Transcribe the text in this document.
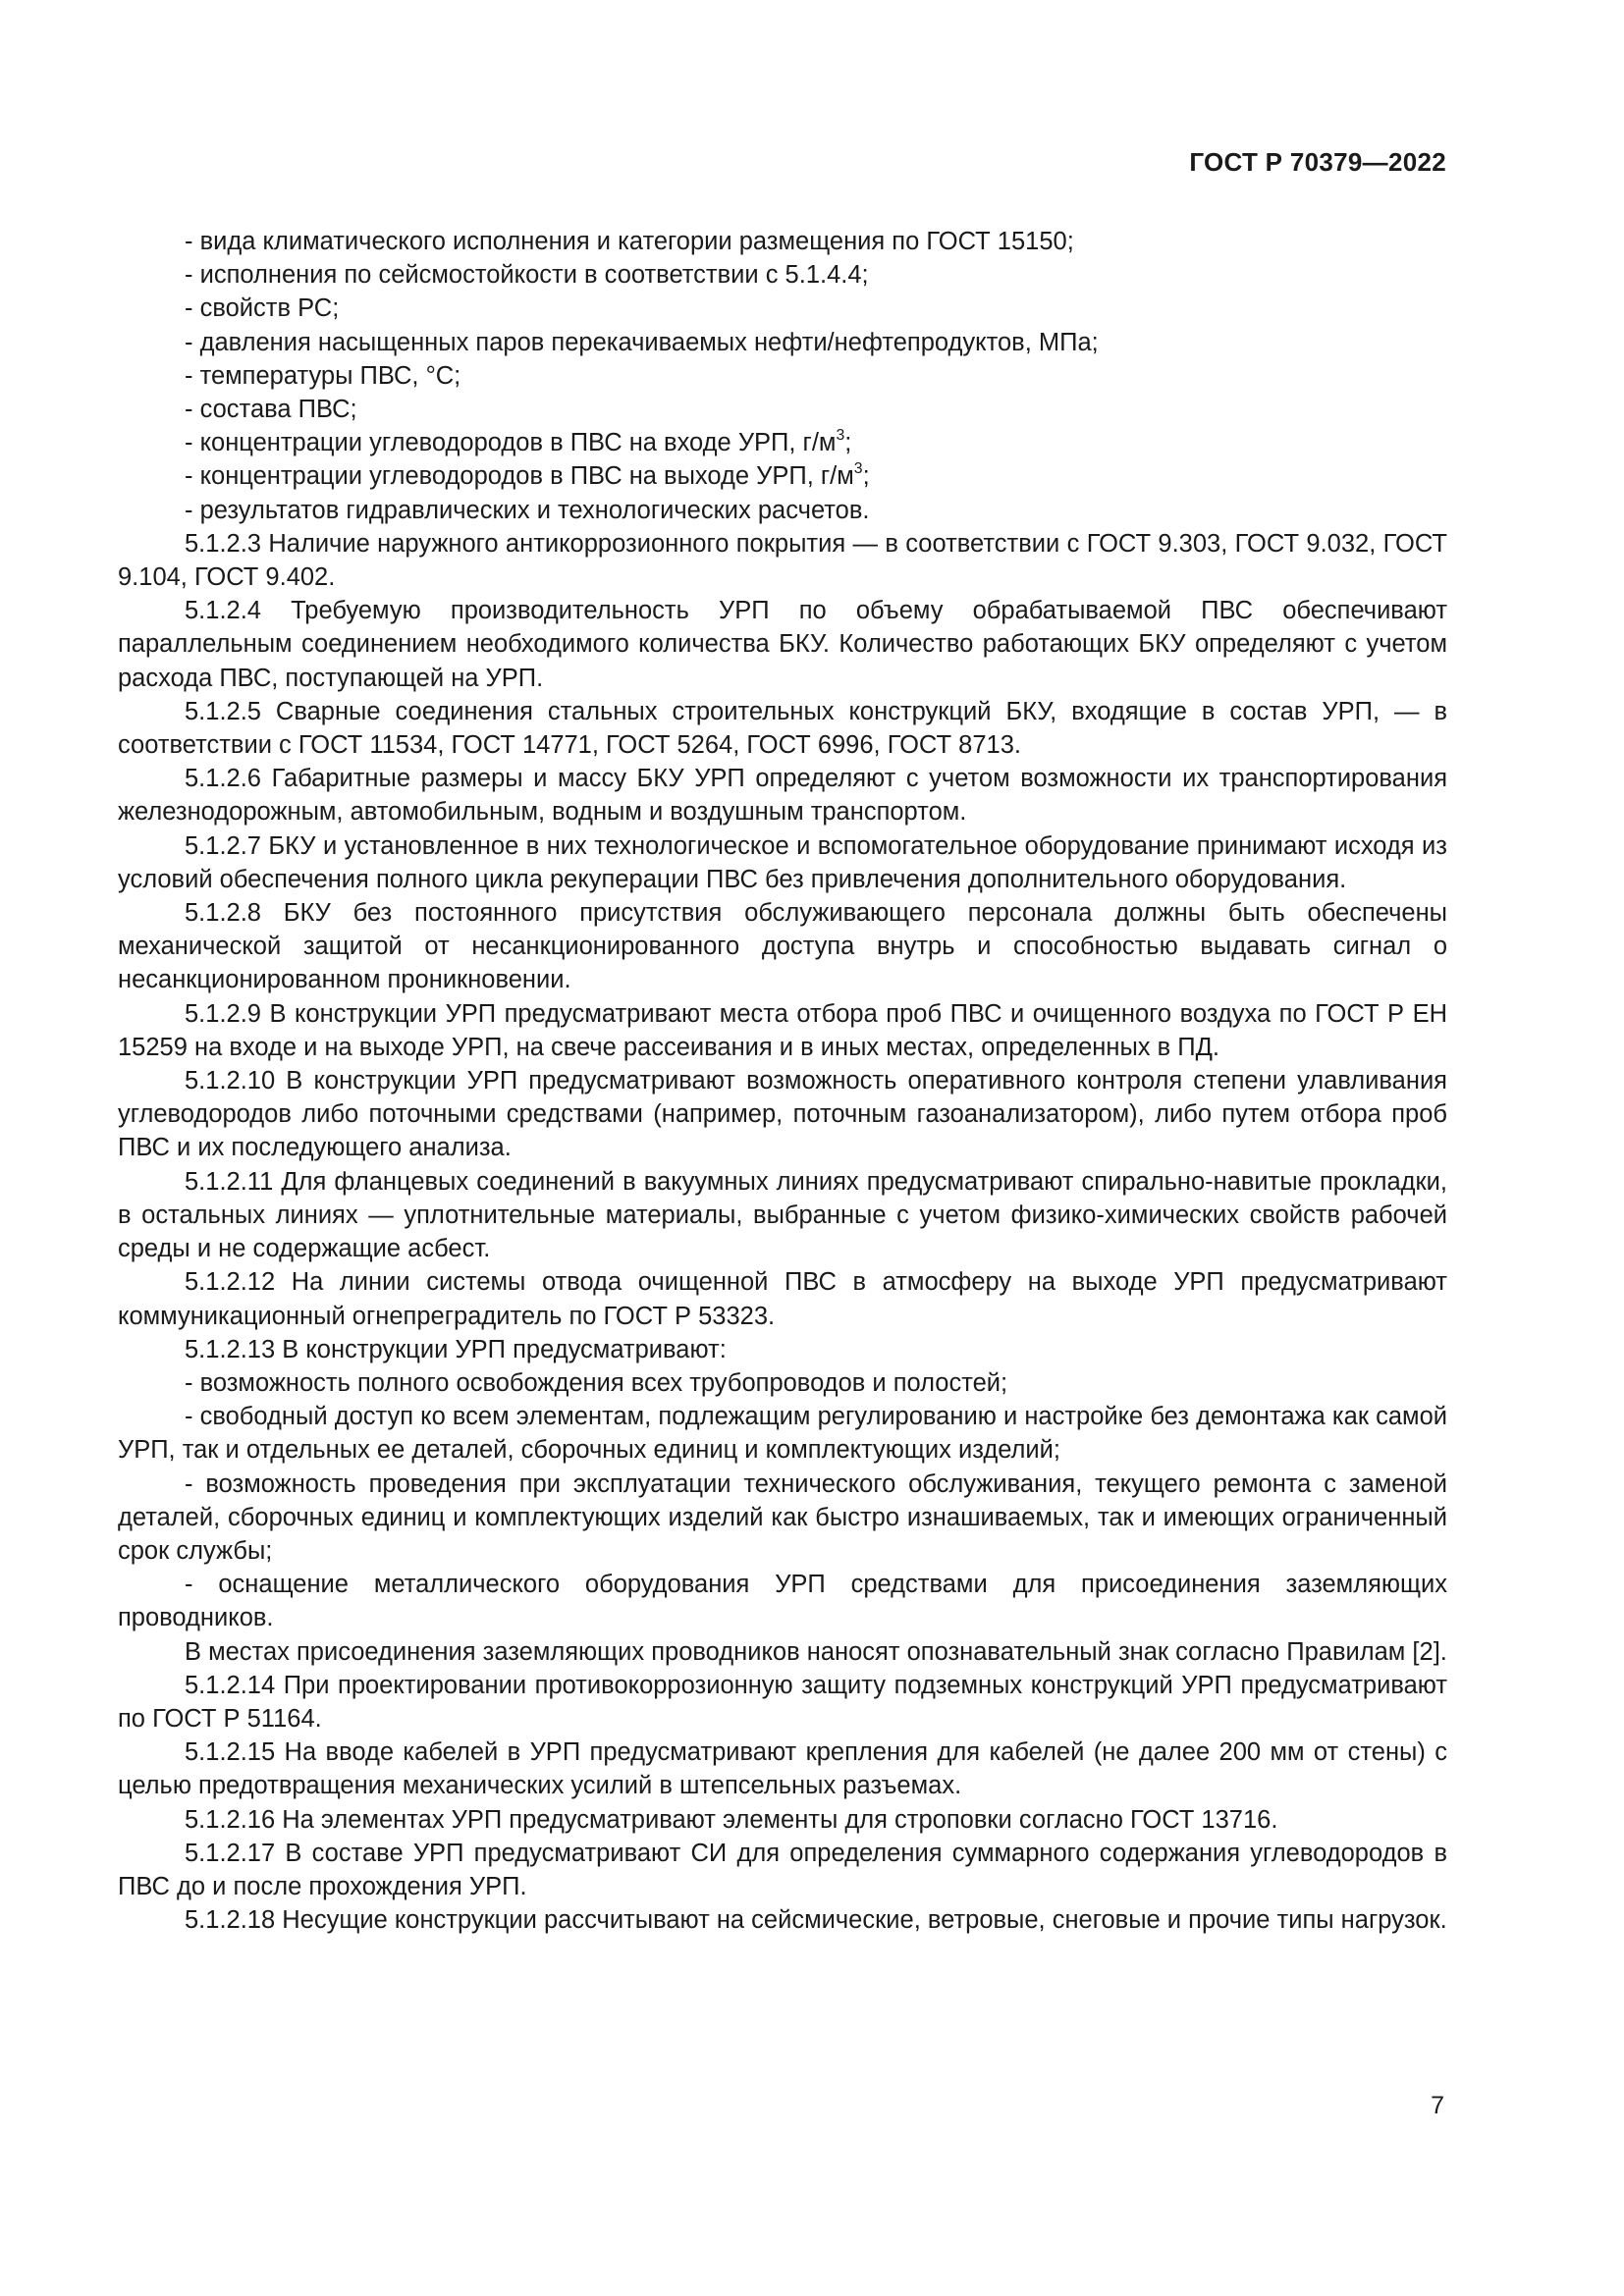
ГОСТ Р 70379—2022

- вида климатического исполнения и категории размещения по ГОСТ 15150;

- исполнения по сейсмостойкости в соответствии с 5.1.4.4;

- свойств РС;

- давления насыщенных паров перекачиваемых нефти/нефтепродуктов, МПа;

- температуры ПВС, °С;

- состава ПВС;

- концентрации углеводородов в ПВС на входе УРП, $г/м^3$;

- концентрации углеводородов в ПВС на выходе УРП, $г/м^3$;

- результатов гидравлических и технологических расчетов.

5.1.2.3 Наличие наружного антикоррозионного покрытия — в соответствии с ГОСТ 9.303, ГОСТ 9.032, ГОСТ 9.104, ГОСТ 9.402.

5.1.2.4 Требуемую производительность УРП по объему обрабатываемой ПВС обеспечивают параллельным соединением необходимого количества БКУ. Количество работающих БКУ определяют с учетом расхода ПВС, поступающей на УРП.

5.1.2.5 Сварные соединения стальных строительных конструкций БКУ, входящие в состав УРП, — в соответствии с ГОСТ 11534, ГОСТ 14771, ГОСТ 5264, ГОСТ 6996, ГОСТ 8713.

5.1.2.6 Габаритные размеры и массу БКУ УРП определяют с учетом возможности их транспортирования железнодорожным, автомобильным, водным и воздушным транспортом.

5.1.2.7 БКУ и установленное в них технологическое и вспомогательное оборудование принимают исходя из условий обеспечения полного цикла рекуперации ПВС без привлечения дополнительного оборудования.

5.1.2.8 БКУ без постоянного присутствия обслуживающего персонала должны быть обеспечены механической защитой от несанкционированного доступа внутрь и способностью выдавать сигнал о несанкционированном проникновении.

5.1.2.9 В конструкции УРП предусматривают места отбора проб ПВС и очищенного воздуха по ГОСТ Р ЕН 15259 на входе и на выходе УРП, на свече рассеивания и в иных местах, определенных в ПД.

5.1.2.10 В конструкции УРП предусматривают возможность оперативного контроля степени улавливания углеводородов либо поточными средствами (например, поточным газоанализатором), либо путем отбора проб ПВС и их последующего анализа.

5.1.2.11 Для фланцевых соединений в вакуумных линиях предусматривают спирально-навитые прокладки, в остальных линиях — уплотнительные материалы, выбранные с учетом физико-химических свойств рабочей среды и не содержащие асбест.

5.1.2.12 На линии системы отвода очищенной ПВС в атмосферу на выходе УРП предусматривают коммуникационный огнепреградитель по ГОСТ Р 53323.

5.1.2.13 В конструкции УРП предусматривают:

- возможность полного освобождения всех трубопроводов и полостей;

- свободный доступ ко всем элементам, подлежащим регулированию и настройке без демонтажа как самой УРП, так и отдельных ее деталей, сборочных единиц и комплектующих изделий;

- возможность проведения при эксплуатации технического обслуживания, текущего ремонта с заменой деталей, сборочных единиц и комплектующих изделий как быстро изнашиваемых, так и имеющих ограниченный срок службы;

- оснащение металлического оборудования УРП средствами для присоединения заземляющих проводников.

В местах присоединения заземляющих проводников наносят опознавательный знак согласно Правилам [2].

5.1.2.14 При проектировании противокоррозионную защиту подземных конструкций УРП предусматривают по ГОСТ Р 51164.

5.1.2.15 На вводе кабелей в УРП предусматривают крепления для кабелей (не далее 200 мм от стены) с целью предотвращения механических усилий в штепсельных разъемах.

5.1.2.16 На элементах УРП предусматривают элементы для строповки согласно ГОСТ 13716.

5.1.2.17 В составе УРП предусматривают СИ для определения суммарного содержания углеводородов в ПВС до и после прохождения УРП.

5.1.2.18 Несущие конструкции рассчитывают на сейсмические, ветровые, снеговые и прочие типы нагрузок.

7
